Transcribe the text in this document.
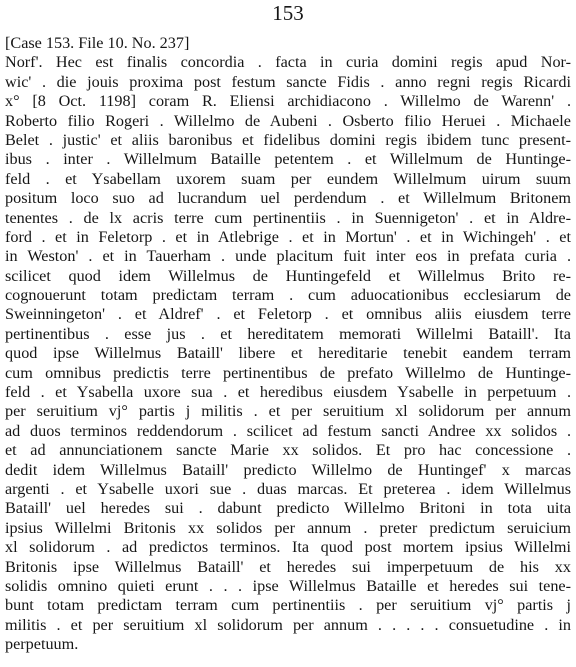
153
[Case 153. File 10. No. 237]
Norf'. Hec est finalis concordia . facta in curia domini regis apud Nor-
wic' . die jouis proxima post festum sancte Fidis . anno regni regis Ricardi
x° [8 Oct. 1198] coram R. Eliensi archidiacono . Willelmo de Warenn' .
Roberto filio Rogeri . Willelmo de Aubeni . Osberto filio Heruei . Michaele
Belet . justic' et aliis baronibus et fidelibus domini regis ibidem tunc present-
ibus . inter . Willelmum Bataille petentem . et Willelmum de Huntinge-
feld . et Ysabellam uxorem suam per eundem Willelmum uirum suum
positum loco suo ad lucrandum uel perdendum . et Willelmum Britonem
tenentes . de lx acris terre cum pertinentiis . in Suennigeton' . et in Aldre-
ford . et in Feletorp . et in Atlebrige . et in Mortun' . et in Wichingeh' . et
in Weston' . et in Tauerham . unde placitum fuit inter eos in prefata curia .
scilicet quod idem Willelmus de Huntingefeld et Willelmus Brito re-
cognouerunt totam predictam terram . cum aduocationibus ecclesiarum de
Sweinningeton' . et Aldref' . et Feletorp . et omnibus aliis eiusdem terre
pertinentibus . esse jus . et hereditatem memorati Willelmi Bataill'. Ita
quod ipse Willelmus Bataill' libere et hereditarie tenebit eandem terram
cum omnibus predictis terre pertinentibus de prefato Willelmo de Huntinge-
feld . et Ysabella uxore sua . et heredibus eiusdem Ysabelle in perpetuum .
per seruitium vj° partis j militis . et per seruitium xl solidorum per annum
ad duos terminos reddendorum . scilicet ad festum sancti Andree xx solidos .
et ad annunciationem sancte Marie xx solidos. Et pro hac concessione .
dedit idem Willelmus Bataill' predicto Willelmo de Huntingef' x marcas
argenti . et Ysabelle uxori sue . duas marcas. Et preterea . idem Willelmus
Bataill' uel heredes sui . dabunt predicto Willelmo Britoni in tota uita
ipsius Willelmi Britonis xx solidos per annum . preter predictum seruicium
xl solidorum . ad predictos terminos. Ita quod post mortem ipsius Willelmi
Britonis ipse Willelmus Bataill' et heredes sui imperpetuum de his xx
solidis omnino quieti erunt . . . ipse Willelmus Bataille et heredes sui tene-
bunt totam predictam terram cum pertinentiis . per seruitium vj° partis j
militis . et per seruitium xl solidorum per annum . . . . . consuetudine . in
perpetuum.
